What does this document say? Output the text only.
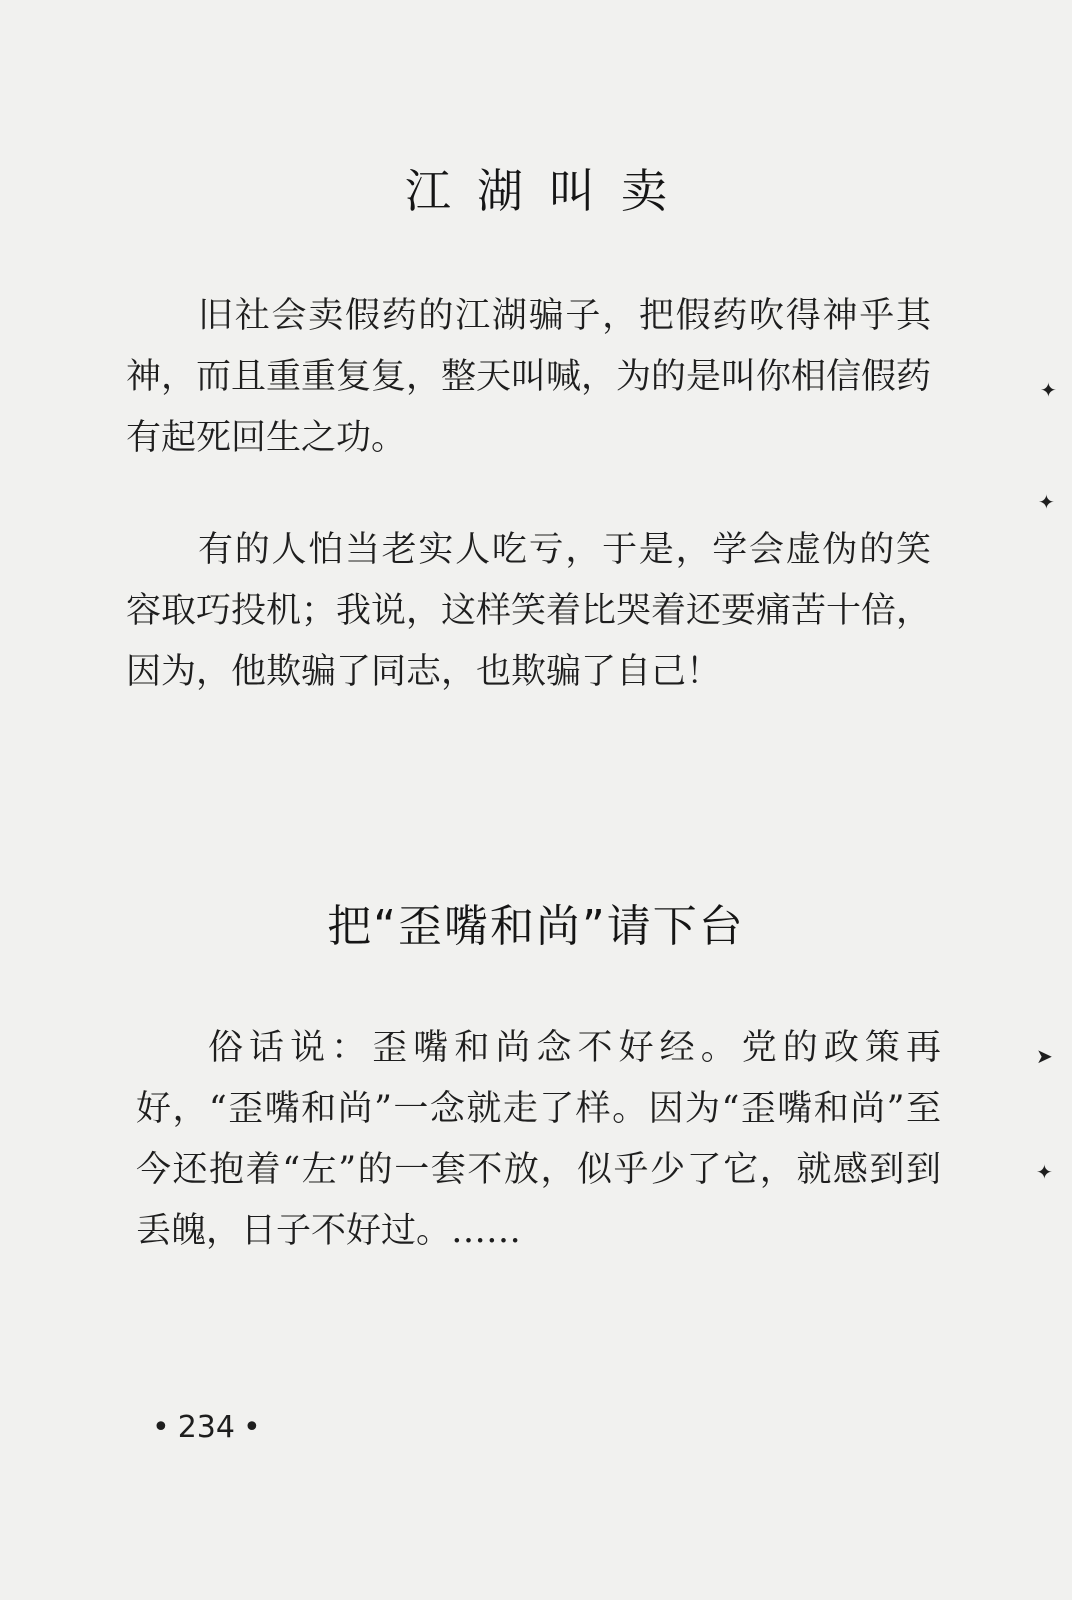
江湖叫卖

旧社会卖假药的江湖骗子，把假药吹得神乎其神，而且重重复复，整天叫喊，为的是叫你相信假药有起死回生之功。

有的人怕当老实人吃亏，于是，学会虚伪的笑容取巧投机；我说，这样笑着比哭着还要痛苦十倍，因为，他欺骗了同志，也欺骗了自己！

把“歪嘴和尚”请下台

俗话说：歪嘴和尚念不好经。党的政策再好，“歪嘴和尚”一念就走了样。因为“歪嘴和尚”至今还抱着“左”的一套不放，似乎少了它，就感到到丢魄，日子不好过。……

• 234 •
✦
✦
➤
✦
